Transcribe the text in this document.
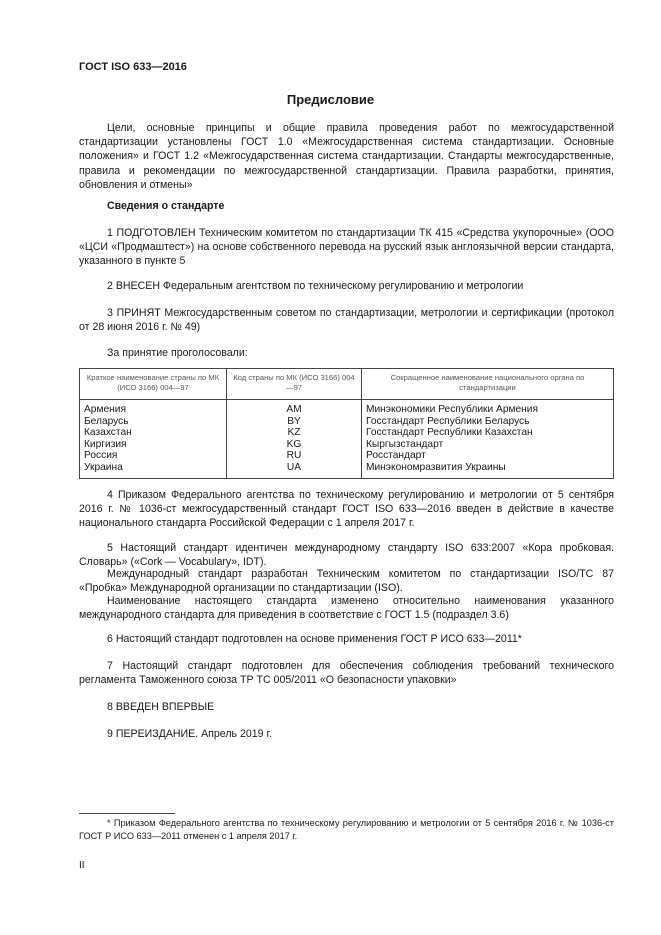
ГОСТ ISO 633—2016
Предисловие

Цели, основные принципы и общие правила проведения работ по межгосударственной стандартизации установлены ГОСТ 1.0 «Межгосударственная система стандартизации. Основные положения» и ГОСТ 1.2 «Межгосударственная система стандартизации. Стандарты межгосударственные, правила и рекомендации по межгосударственной стандартизации. Правила разработки, принятия, обновления и отмены»

Сведения о стандарте

1 ПОДГОТОВЛЕН Техническим комитетом по стандартизации ТК 415 «Средства укупорочные» (ООО «ЦСИ «Продмаштест») на основе собственного перевода на русский язык англоязычной версии стандарта, указанного в пункте 5

2 ВНЕСЕН Федеральным агентством по техническому регулированию и метрологии

3 ПРИНЯТ Межгосударственным советом по стандартизации, метрологии и сертификации (протокол от 28 июня 2016 г. № 49)

За принятие проголосовали:
Краткое наименование страны по МК (ИСО 3166) 004—97	Код страны по МК (ИСО 3166) 004—97	Сокращенное наименование национального органа по стандартизации
Армения	AM	Минэкономики Республики Армения
Беларусь	BY	Госстандарт Республики Беларусь
Казахстан	KZ	Госстандарт Республики Казахстан
Киргизия	KG	Кыргызстандарт
Россия	RU	Росстандарт
Украина	UA	Минэкономразвития Украины

4 Приказом Федерального агентства по техническому регулированию и метрологии от 5 сентября 2016 г. № 1036-ст межгосударственный стандарт ГОСТ ISO 633—2016 введен в действие в качестве национального стандарта Российской Федерации с 1 апреля 2017 г.

5 Настоящий стандарт идентичен международному стандарту ISO 633:2007 «Кора пробковая. Словарь» («Cork — Vocabulary», IDT).

Международный стандарт разработан Техническим комитетом по стандартизации ISO/TC 87 «Пробка» Международной организации по стандартизации (ISO).

Наименование настоящего стандарта изменено относительно наименования указанного международного стандарта для приведения в соответствие с ГОСТ 1.5 (подраздел 3.6)

6 Настоящий стандарт подготовлен на основе применения ГОСТ Р ИСО 633—2011*

7 Настоящий стандарт подготовлен для обеспечения соблюдения требований технического регламента Таможенного союза ТР ТС 005/2011 «О безопасности упаковки»

8 ВВЕДЕН ВПЕРВЫЕ

9 ПЕРЕИЗДАНИЕ. Апрель 2019 г.

* Приказом Федерального агентства по техническому регулированию и метрологии от 5 сентября 2016 г. № 1036-ст ГОСТ Р ИСО 633—2011 отменен с 1 апреля 2017 г.

II
